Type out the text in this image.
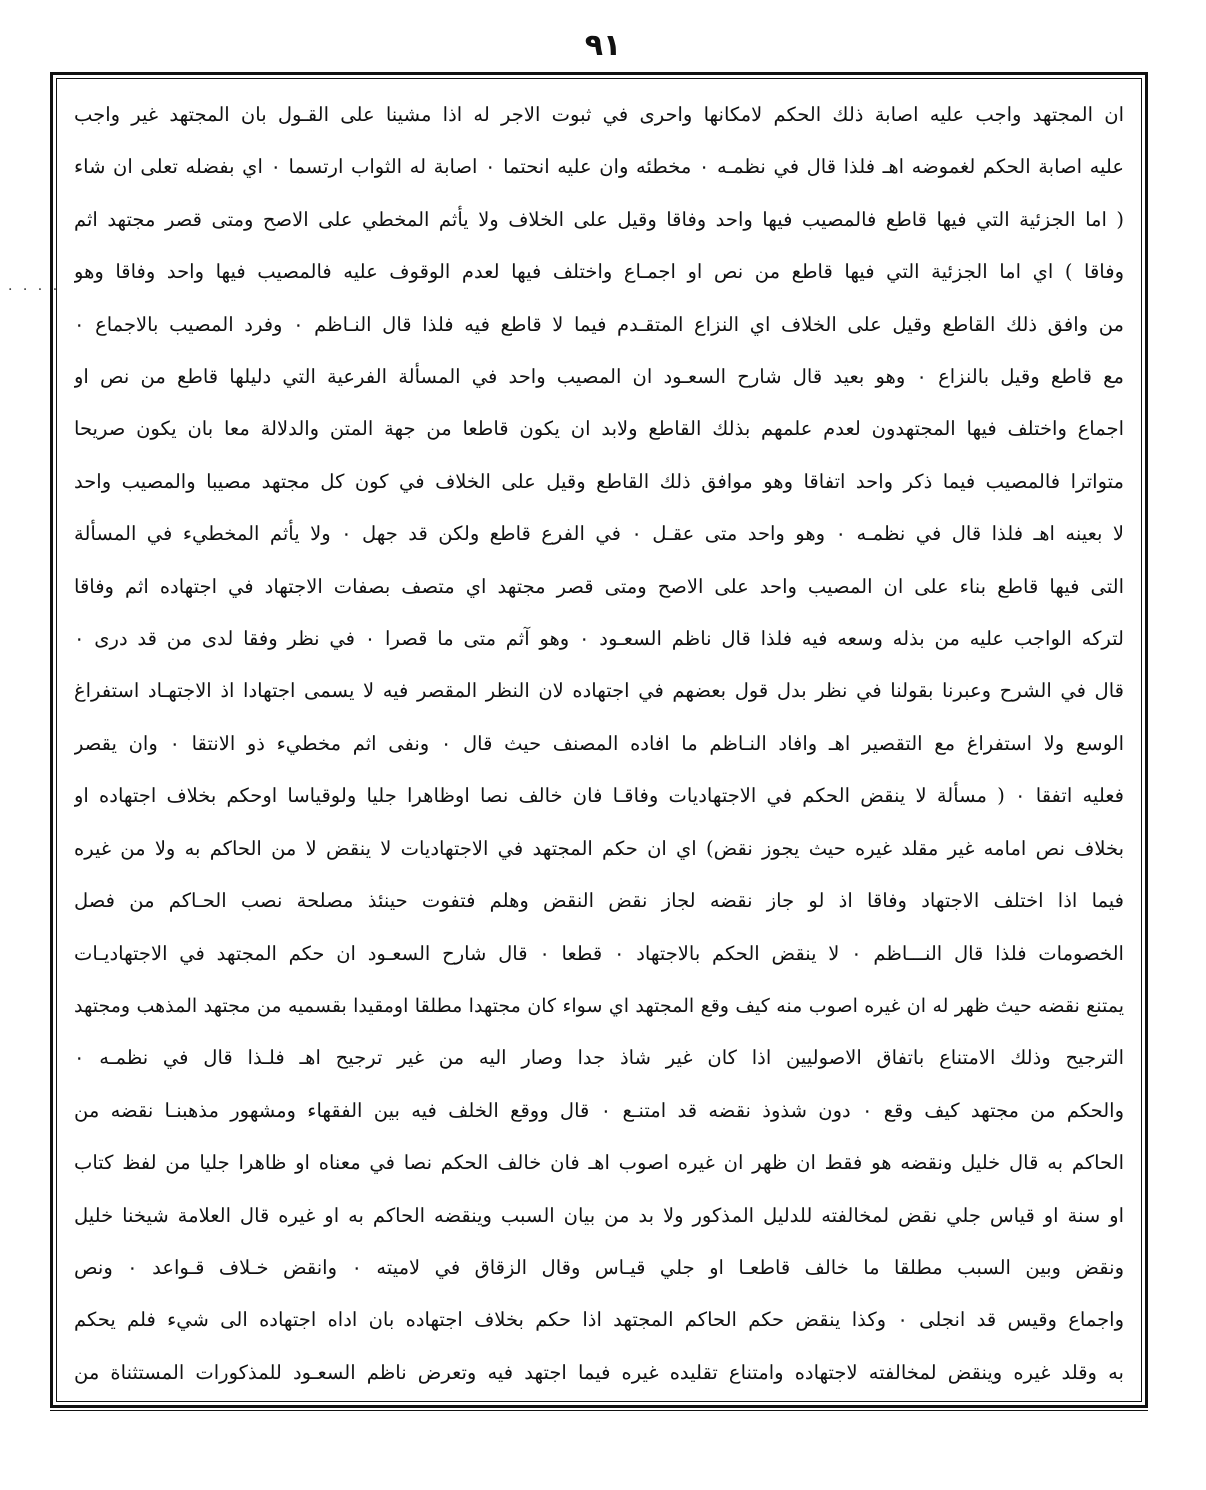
٩١
· · · ·
ان المجتهد واجب عليه اصابة ذلك الحكم لامكانها واحرى في ثبوت الاجر له اذا مشينا على القـول بان المجتهد غير واجب
عليه اصابة الحكم لغموضه اهـ فلذا قال في نظمـه ٠ مخطئه وان عليه انحتما ٠ اصابة له الثواب ارتسما ٠ اي بفضله تعلى ان شاء
( اما الجزئية التي فيها قاطع فالمصيب فيها واحد وفاقا وقيل على الخلاف ولا يأثم المخطي على الاصح ومتى قصر مجتهد اثم
وفاقا ) اي اما الجزئية التي فيها قاطع من نص او اجمـاع واختلف فيها لعدم الوقوف عليه فالمصيب فيها واحد وفاقا وهو
من وافق ذلك القاطع وقيل على الخلاف اي النزاع المتقـدم فيما لا قاطع فيه فلذا قال النـاظم ٠ وفرد المصيب بالاجماع ٠
مع قاطع وقيل بالنزاع ٠ وهو بعيد قال شارح السعـود ان المصيب واحد في المسألة الفرعية التي دليلها قاطع من نص او
اجماع واختلف فيها المجتهدون لعدم علمهم بذلك القاطع ولابد ان يكون قاطعا من جهة المتن والدلالة معا بان يكون صريحا
متواترا فالمصيب فيما ذكر واحد اتفاقا وهو موافق ذلك القاطع وقيل على الخلاف في كون كل مجتهد مصيبا والمصيب واحد
لا بعينه اهـ فلذا قال في نظمـه ٠ وهو واحد متى عقـل ٠ في الفرع قاطع ولكن قد جهل ٠ ولا يأثم المخطيء في المسألة
التى فيها قاطع بناء على ان المصيب واحد على الاصح ومتى قصر مجتهد اي متصف بصفات الاجتهاد في اجتهاده اثم وفاقا
لتركه الواجب عليه من بذله وسعه فيه فلذا قال ناظم السعـود ٠ وهو آثم متى ما قصرا ٠ في نظر وفقا لدى من قد درى ٠
قال في الشرح وعبرنا بقولنا في نظر بدل قول بعضهم في اجتهاده لان النظر المقصر فيه لا يسمى اجتهادا اذ الاجتهـاد استفراغ
الوسع ولا استفراغ مع التقصير اهـ وافاد النـاظم ما افاده المصنف حيث قال ٠ ونفى اثم مخطيء ذو الانتقا ٠ وان يقصر
فعليه اتفقا ٠ ( مسألة لا ينقض الحكم في الاجتهاديات وفاقـا فان خالف نصا اوظاهرا جليا ولوقياسا اوحكم بخلاف اجتهاده او
بخلاف نص امامه غير مقلد غيره حيث يجوز نقض) اي ان حكم المجتهد في الاجتهاديات لا ينقض لا من الحاكم به ولا من غيره
فيما اذا اختلف الاجتهاد وفاقا اذ لو جاز نقضه لجاز نقض النقض وهلم فتفوت حينئذ مصلحة نصب الحـاكم من فصل
الخصومات فلذا قال النـــاظم ٠ لا ينقض الحكم بالاجتهاد ٠ قطعا ٠ قال شارح السعـود ان حكم المجتهد في الاجتهاديـات
يمتنع نقضه حيث ظهر له ان غيره اصوب منه كيف وقع المجتهد اي سواء كان مجتهدا مطلقا اومقيدا بقسميه من مجتهد المذهب ومجتهد
الترجيح وذلك الامتناع باتفاق الاصوليين اذا كان غير شاذ جدا وصار اليه من غير ترجيح اهـ فلـذا قال في نظمـه ٠
والحكم من مجتهد كيف وقع ٠ دون شذوذ نقضه قد امتنـع ٠ قال ووقع الخلف فيه بين الفقهاء ومشهور مذهبنـا نقضه من
الحاكم به قال خليل ونقضه هو فقط ان ظهر ان غيره اصوب اهـ فان خالف الحكم نصا في معناه او ظاهرا جليا من لفظ كتاب
او سنة او قياس جلي نقض لمخالفته للدليل المذكور ولا بد من بيان السبب وينقضه الحاكم به او غيره قال العلامة شيخنا خليل
ونقض وبين السبب مطلقا ما خالف قاطعـا او جلي قيـاس وقال الزقاق في لاميته ٠ وانقض خـلاف قـواعد ٠ ونص
واجماع وقيس قد انجلى ٠ وكذا ينقض حكم الحاكم المجتهد اذا حكم بخلاف اجتهاده بان اداه اجتهاده الى شيء فلم يحكم
به وقلد غيره وينقض لمخالفته لاجتهاده وامتناع تقليده غيره فيما اجتهد فيه وتعرض ناظم السعـود للمذكورات المستثناة من
